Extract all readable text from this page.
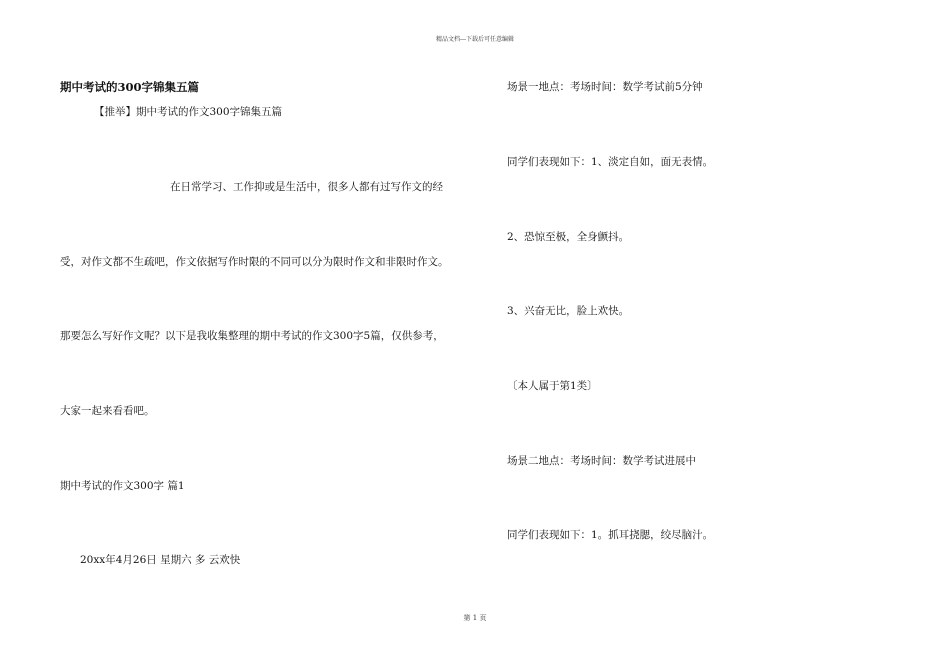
精品文档---下载后可任意编辑
期中考试的300字锦集五篇
【推举】期中考试的作文300字锦集五篇
在日常学习、工作抑或是生活中，很多人都有过写作文的经
受，对作文都不生疏吧，作文依据写作时限的不同可以分为限时作文和非限时作文。
那要怎么写好作文呢？以下是我收集整理的期中考试的作文300字5篇，仅供参考，
大家一起来看看吧。
期中考试的作文300字 篇1
20xx年4月26日 星期六 多 云欢快
场景一地点：考场时间：数学考试前5分钟
同学们表现如下：1、淡定自如，面无表情。
2、恐惊至极，全身颤抖。
3、兴奋无比，脸上欢快。
〔本人属于第1类〕
场景二地点：考场时间：数学考试进展中
同学们表现如下：1。抓耳挠腮，绞尽脑汁。
第 1 页
